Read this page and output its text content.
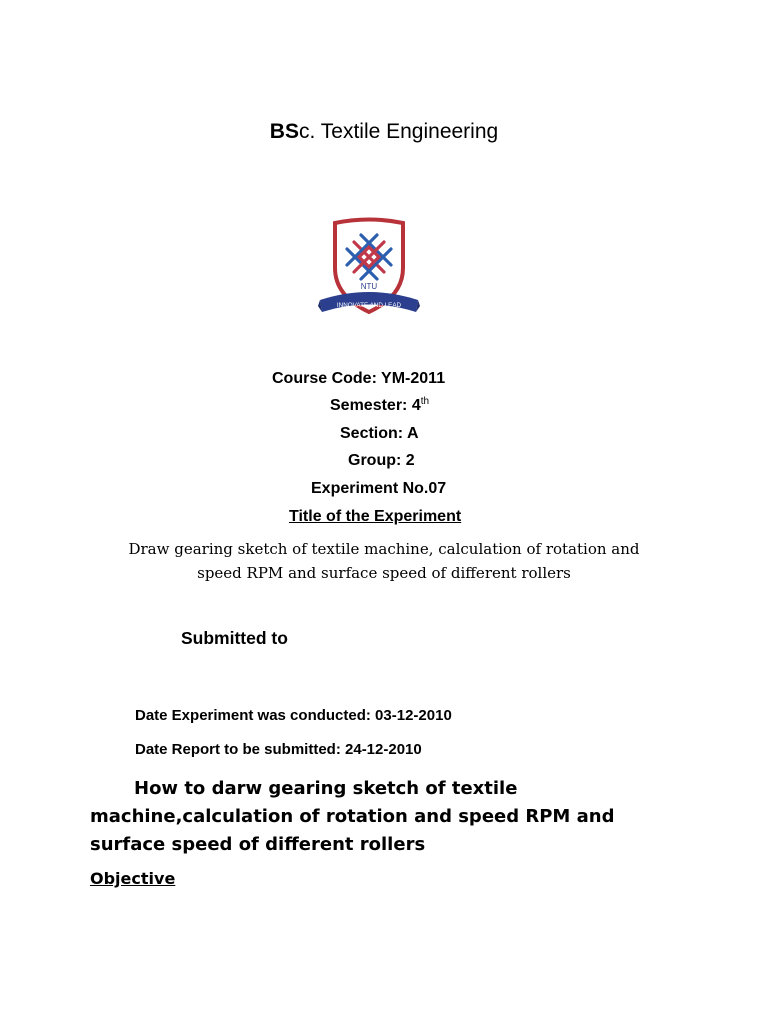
BSc. Textile Engineering
NTU
INNOVATE AND LEAD
Course Code: YM-2011
Semester: 4th
Section: A
Group: 2
Experiment No.07
Title of the Experiment
Draw gearing sketch of textile machine, calculation of rotation and
speed RPM and surface speed of different rollers
Submitted to
Date Experiment was conducted: 03-12-2010
Date Report to be submitted: 24-12-2010
How to darw gearing sketch of textile
machine,calculation of rotation and speed RPM and
surface speed of different rollers
Objective
